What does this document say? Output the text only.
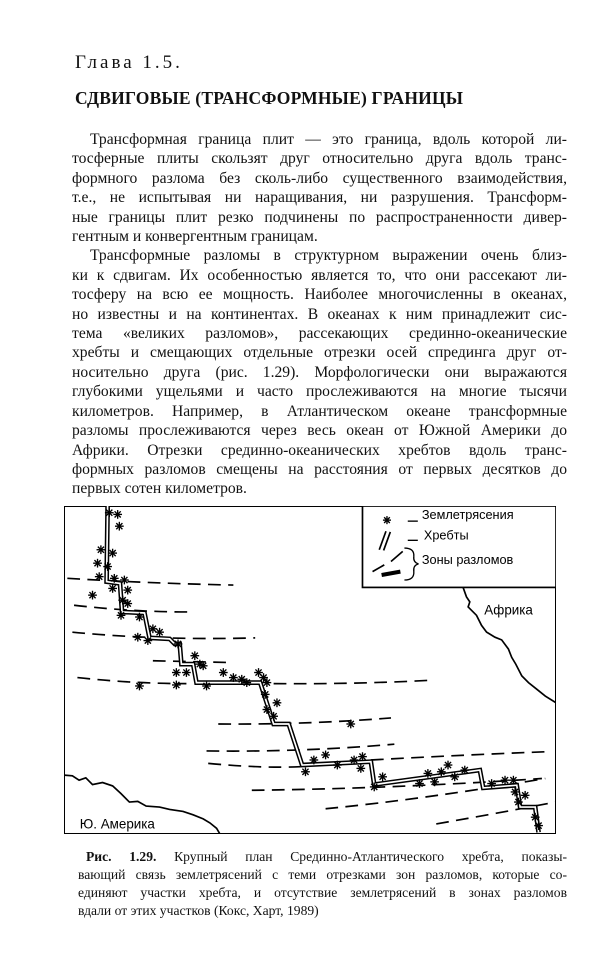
Глава 1.5.
СДВИГОВЫЕ (ТРАНСФОРМНЫЕ) ГРАНИЦЫ
Трансформная граница плит — это граница, вдоль которой ли-
тосферные плиты скользят друг относительно друга вдоль транс-
формного разлома без сколь-либо существенного взаимодействия,
т.е., не испытывая ни наращивания, ни разрушения. Трансформ-
ные границы плит резко подчинены по распространенности дивер-
гентным и конвергентным границам.
Трансформные разломы в структурном выражении очень близ-
ки к сдвигам. Их особенностью является то, что они рассекают ли-
тосферу на всю ее мощность. Наиболее многочисленны в океанах,
но известны и на континентах. В океанах к ним принадлежит сис-
тема «великих разломов», рассекающих срединно-океанические
хребты и смещающих отдельные отрезки осей спрединга друг от-
носительно друга (рис. 1.29). Морфологически они выражаются
глубокими ущельями и часто прослеживаются на многие тысячи
километров. Например, в Атлантическом океане трансформные
разломы прослеживаются через весь океан от Южной Америки до
Африки. Отрезки срединно-океанических хребтов вдоль транс-
формных разломов смещены на расстояния от первых десятков до
первых сотен километров.
Землетрясения
Хребты
Зоны разломов
Африка
Ю. Америка
Рис. 1.29. Крупный план Срединно-Атлантического хребта, показы-
вающий связь землетрясений с теми отрезками зон разломов, которые со-
единяют участки хребта, и отсутствие землетрясений в зонах разломов
вдали от этих участков (Кокс, Харт, 1989)
